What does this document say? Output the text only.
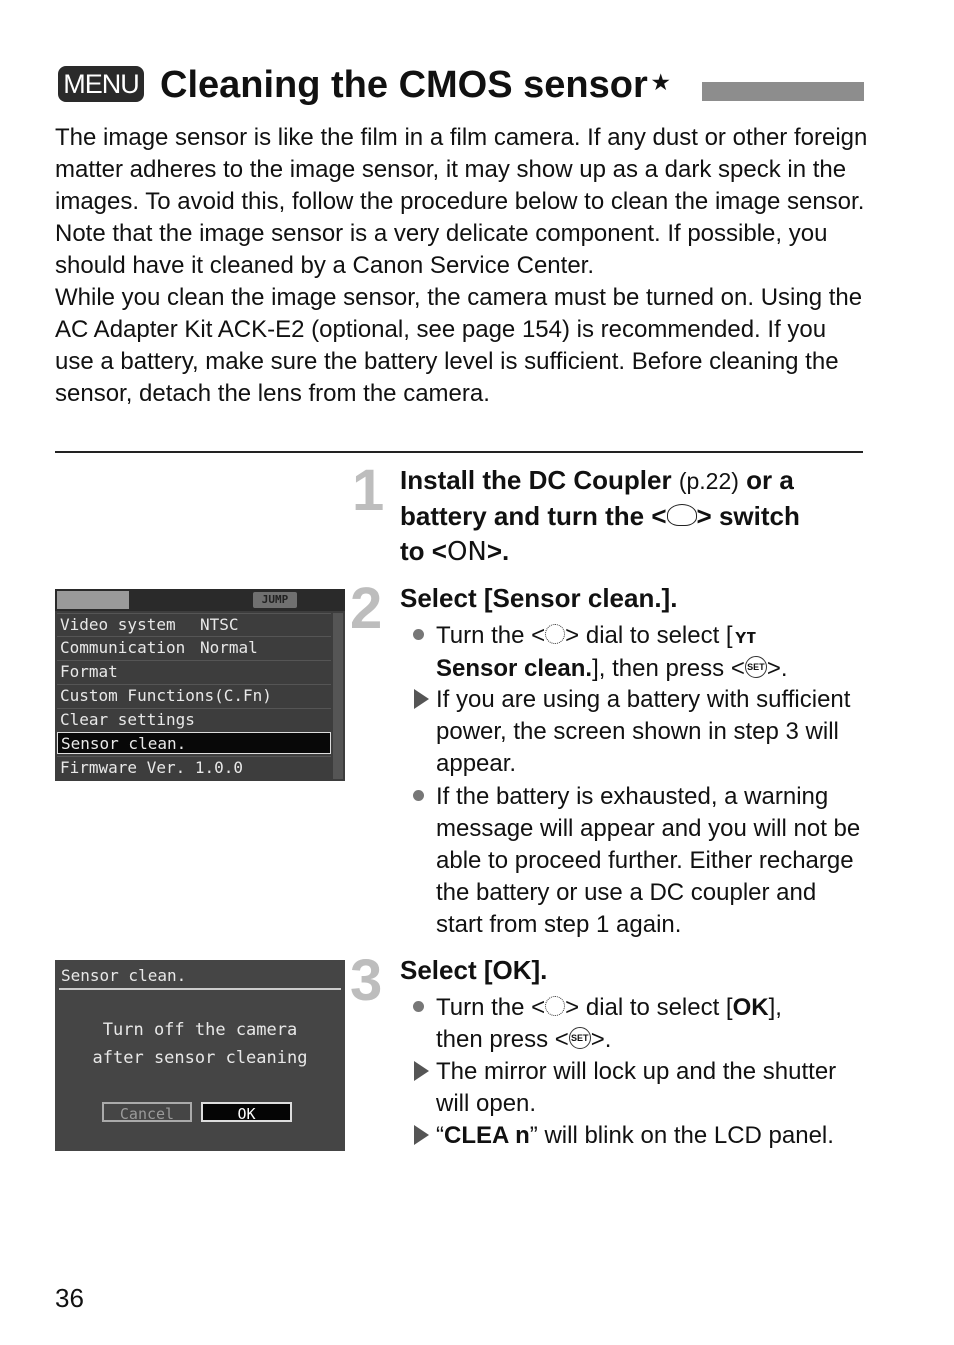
MENU Cleaning the CMOS sensor ★

The image sensor is like the film in a film camera. If any dust or other foreign matter adheres to the image sensor, it may show up as a dark speck in the images. To avoid this, follow the procedure below to clean the image sensor. Note that the image sensor is a very delicate component. If possible, you should have it cleaned by a Canon Service Center.

While you clean the image sensor, the camera must be turned on. Using the AC Adapter Kit ACK-E2 (optional, see page 154) is recommended. If you use a battery, make sure the battery level is sufficient. Before cleaning the sensor, detach the lens from the camera.

1 Install the DC Coupler (p.22) or a battery and turn the < > switch
to <ON>.
JUMP
Video system NTSC
Communication Normal
Format
Custom Functions(C.Fn)
Clear settings
Sensor clean.
Firmware Ver. 1.0.0
2 Select [Sensor clean.].
Turn the < > dial to select [ ʏᴛ
Sensor clean.], then press < SET>.
If you are using a battery with sufficient power, the screen shown in step 3 will appear.
If the battery is exhausted, a warning message will appear and you will not be able to proceed further. Either recharge the battery or use a DC coupler and start from step 1 again.
Sensor clean.
Turn off the camera
after sensor cleaning
Cancel	OK
3 Select [OK].
Turn the < > dial to select [OK],
then press < SET>.
The mirror will lock up and the shutter will open.
“CLEA n” will blink on the LCD panel.
36
